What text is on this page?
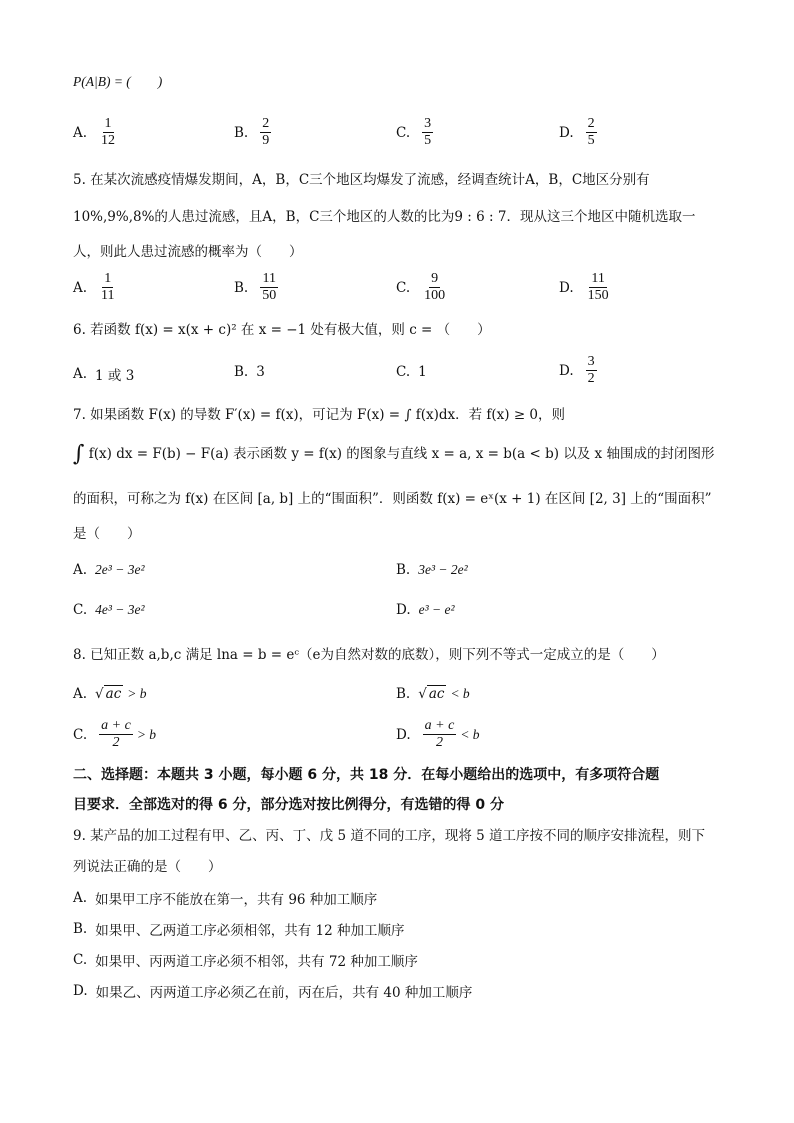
P(A|B) = (　　)
A. $\frac{1}{12}$	B. $\frac{2}{9}$	C. $\frac{3}{5}$	D. $\frac{2}{5}$
5. 在某次流感疫情爆发期间，A，B，C三个地区均爆发了流感，经调查统计A，B，C地区分别有
10%,9%,8%的人患过流感，且A，B，C三个地区的人数的比为9 : 6 : 7．现从这三个地区中随机选取一
人，则此人患过流感的概率为（　　）
A. $\frac{1}{11}$	B. $\frac{11}{50}$	C. $\frac{9}{100}$	D. $\frac{11}{150}$
6. 若函数 f(x) = x(x + c)² 在 x = −1 处有极大值，则 c = （　　）
A. 1 或 3	B. 3	C. 1	D. $\frac{3}{2}$
7. 如果函数 F(x) 的导数 F′(x) = f(x)，可记为 F(x) = ∫ f(x)dx．若 f(x) ≥ 0，则
∫ f(x) dx = F(b) − F(a) 表示函数 y = f(x) 的图象与直线 x = a, x = b(a < b) 以及 x 轴围成的封闭图形
的面积，可称之为 f(x) 在区间 [a, b] 上的“围面积”．则函数 f(x) = eˣ(x + 1) 在区间 [2, 3] 上的“围面积”
是（　　）
A. 2e³ − 3e²	B. 3e³ − 2e²
C. 4e³ − 3e²	D. e³ − e²
8. 已知正数 a,b,c 满足 lna = b = eᶜ（e为自然对数的底数），则下列不等式一定成立的是（　　）
A. √ ac > b	B. √ ac < b
C. $\frac{a + c}{2} > b$	D. $\frac{a + c}{2} < b$
二、选择题：本题共 3 小题，每小题 6 分，共 18 分．在每小题给出的选项中，有多项符合题
目要求．全部选对的得 6 分，部分选对按比例得分，有选错的得 0 分
9. 某产品的加工过程有甲、乙、丙、丁、戊 5 道不同的工序，现将 5 道工序按不同的顺序安排流程，则下
列说法正确的是（　　）
A. 如果甲工序不能放在第一，共有 96 种加工顺序
B. 如果甲、乙两道工序必须相邻，共有 12 种加工顺序
C. 如果甲、丙两道工序必须不相邻，共有 72 种加工顺序
D. 如果乙、丙两道工序必须乙在前，丙在后，共有 40 种加工顺序
